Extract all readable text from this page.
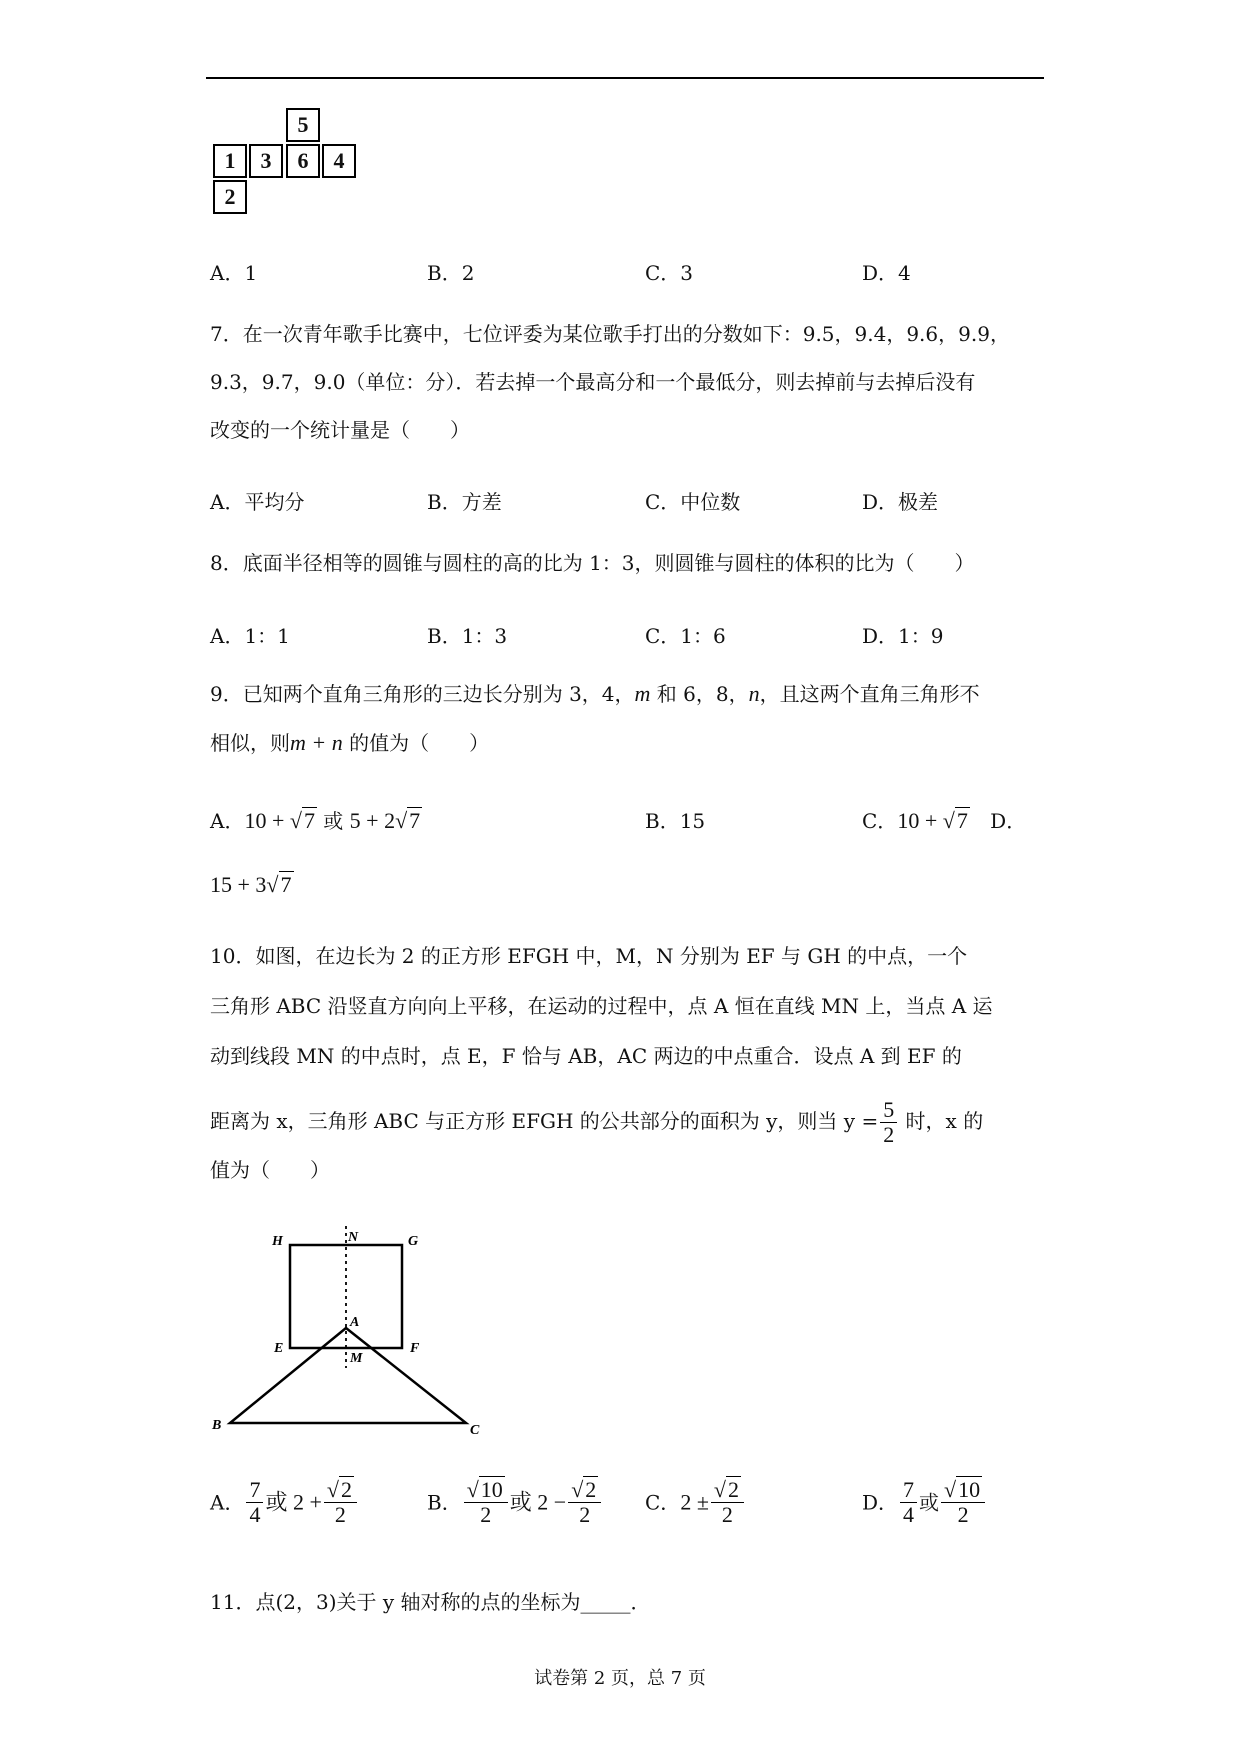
5
1	3	6	4
2
A．1	B．2	C．3	D．4
7．在一次青年歌手比赛中，七位评委为某位歌手打出的分数如下：9.5，9.4，9.6，9.9，
9.3，9.7，9.0（单位：分）．若去掉一个最高分和一个最低分，则去掉前与去掉后没有
改变的一个统计量是（　　）
A．平均分	B．方差	C．中位数	D．极差
8．底面半径相等的圆锥与圆柱的高的比为 1：3，则圆锥与圆柱的体积的比为（　　）
A．1：1	B．1：3	C．1：6	D．1：9
9．已知两个直角三角形的三边长分别为 3，4，m 和 6，8，n，且这两个直角三角形不
相似，则m + n 的值为（　　）
A．10 + √7 或 5 + 2√7	B．15	C．10 + √7 D．
15 + 3√7
10．如图，在边长为 2 的正方形 EFGH 中，M，N 分别为 EF 与 GH 的中点，一个
三角形 ABC 沿竖直方向向上平移，在运动的过程中，点 A 恒在直线 MN 上，当点 A 运
动到线段 MN 的中点时，点 E，F 恰与 AB，AC 两边的中点重合．设点 A 到 EF 的
距离为 x，三角形 ABC 与正方形 EFGH 的公共部分的面积为 y，则当 $y = \frac{5}{2}$ 时，x 的
值为（　　）
H	N	G
A
E
M
F
B	C
A． $\frac{7}{4}$ 或 $2 + \frac{√2}{2}$	B． $\frac{√10}{2}$ 或 $2 - \frac{√2}{2}$ C．$2 \pm \frac{√2}{2}$	D． $\frac{7}{4}$ 或 $\frac{√10}{2}$
11．点(2，3)关于 y 轴对称的点的坐标为_____．
试卷第 2 页，总 7 页
